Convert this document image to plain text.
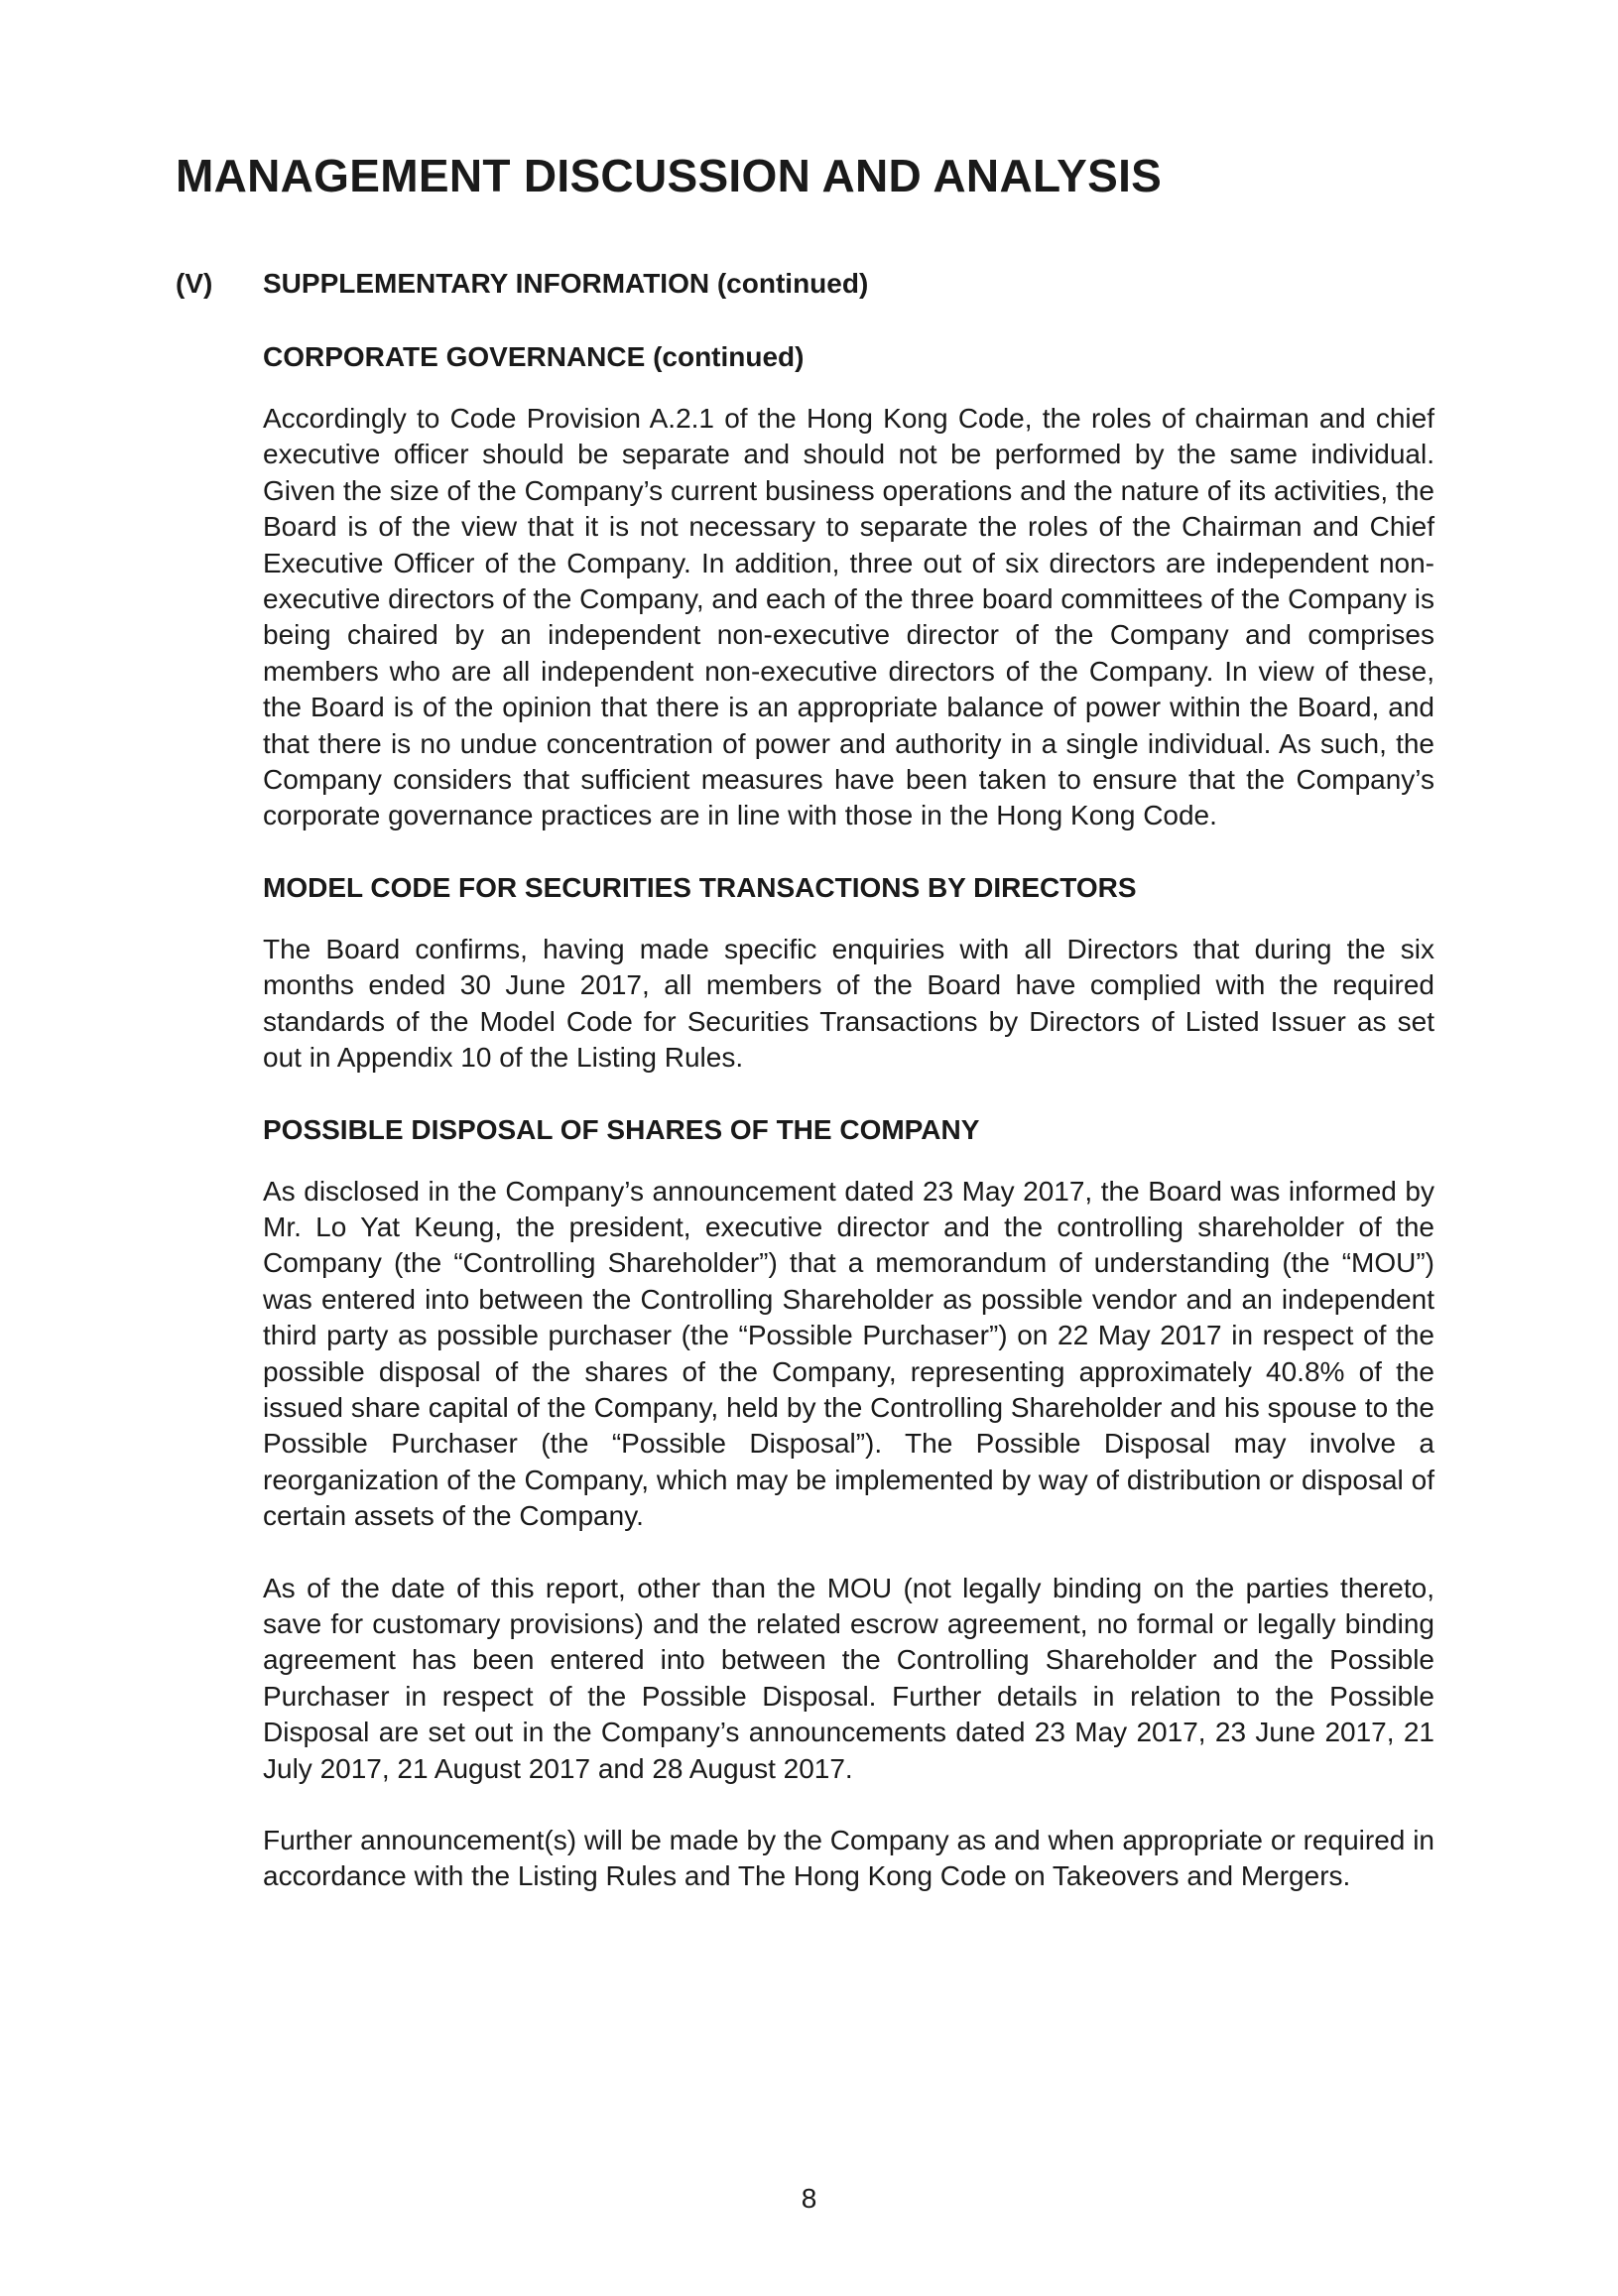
MANAGEMENT DISCUSSION AND ANALYSIS
(V) SUPPLEMENTARY INFORMATION (continued)
CORPORATE GOVERNANCE (continued)

Accordingly to Code Provision A.2.1 of the Hong Kong Code, the roles of chairman and chief executive officer should be separate and should not be performed by the same individual. Given the size of the Company’s current business operations and the nature of its activities, the Board is of the view that it is not necessary to separate the roles of the Chairman and Chief Executive Officer of the Company. In addition, three out of six directors are independent non-executive directors of the Company, and each of the three board committees of the Company is being chaired by an independent non-executive director of the Company and comprises members who are all independent non-executive directors of the Company. In view of these, the Board is of the opinion that there is an appropriate balance of power within the Board, and that there is no undue concentration of power and authority in a single individual. As such, the Company considers that sufficient measures have been taken to ensure that the Company’s corporate governance practices are in line with those in the Hong Kong Code.

MODEL CODE FOR SECURITIES TRANSACTIONS BY DIRECTORS

The Board confirms, having made specific enquiries with all Directors that during the six months ended 30 June 2017, all members of the Board have complied with the required standards of the Model Code for Securities Transactions by Directors of Listed Issuer as set out in Appendix 10 of the Listing Rules.

POSSIBLE DISPOSAL OF SHARES OF THE COMPANY

As disclosed in the Company’s announcement dated 23 May 2017, the Board was informed by Mr. Lo Yat Keung, the president, executive director and the controlling shareholder of the Company (the “Controlling Shareholder”) that a memorandum of understanding (the “MOU”) was entered into between the Controlling Shareholder as possible vendor and an independent third party as possible purchaser (the “Possible Purchaser”) on 22 May 2017 in respect of the possible disposal of the shares of the Company, representing approximately 40.8% of the issued share capital of the Company, held by the Controlling Shareholder and his spouse to the Possible Purchaser (the “Possible Disposal”). The Possible Disposal may involve a reorganization of the Company, which may be implemented by way of distribution or disposal of certain assets of the Company.

As of the date of this report, other than the MOU (not legally binding on the parties thereto, save for customary provisions) and the related escrow agreement, no formal or legally binding agreement has been entered into between the Controlling Shareholder and the Possible Purchaser in respect of the Possible Disposal. Further details in relation to the Possible Disposal are set out in the Company’s announcements dated 23 May 2017, 23 June 2017, 21 July 2017, 21 August 2017 and 28 August 2017.

Further announcement(s) will be made by the Company as and when appropriate or required in accordance with the Listing Rules and The Hong Kong Code on Takeovers and Mergers.

8
